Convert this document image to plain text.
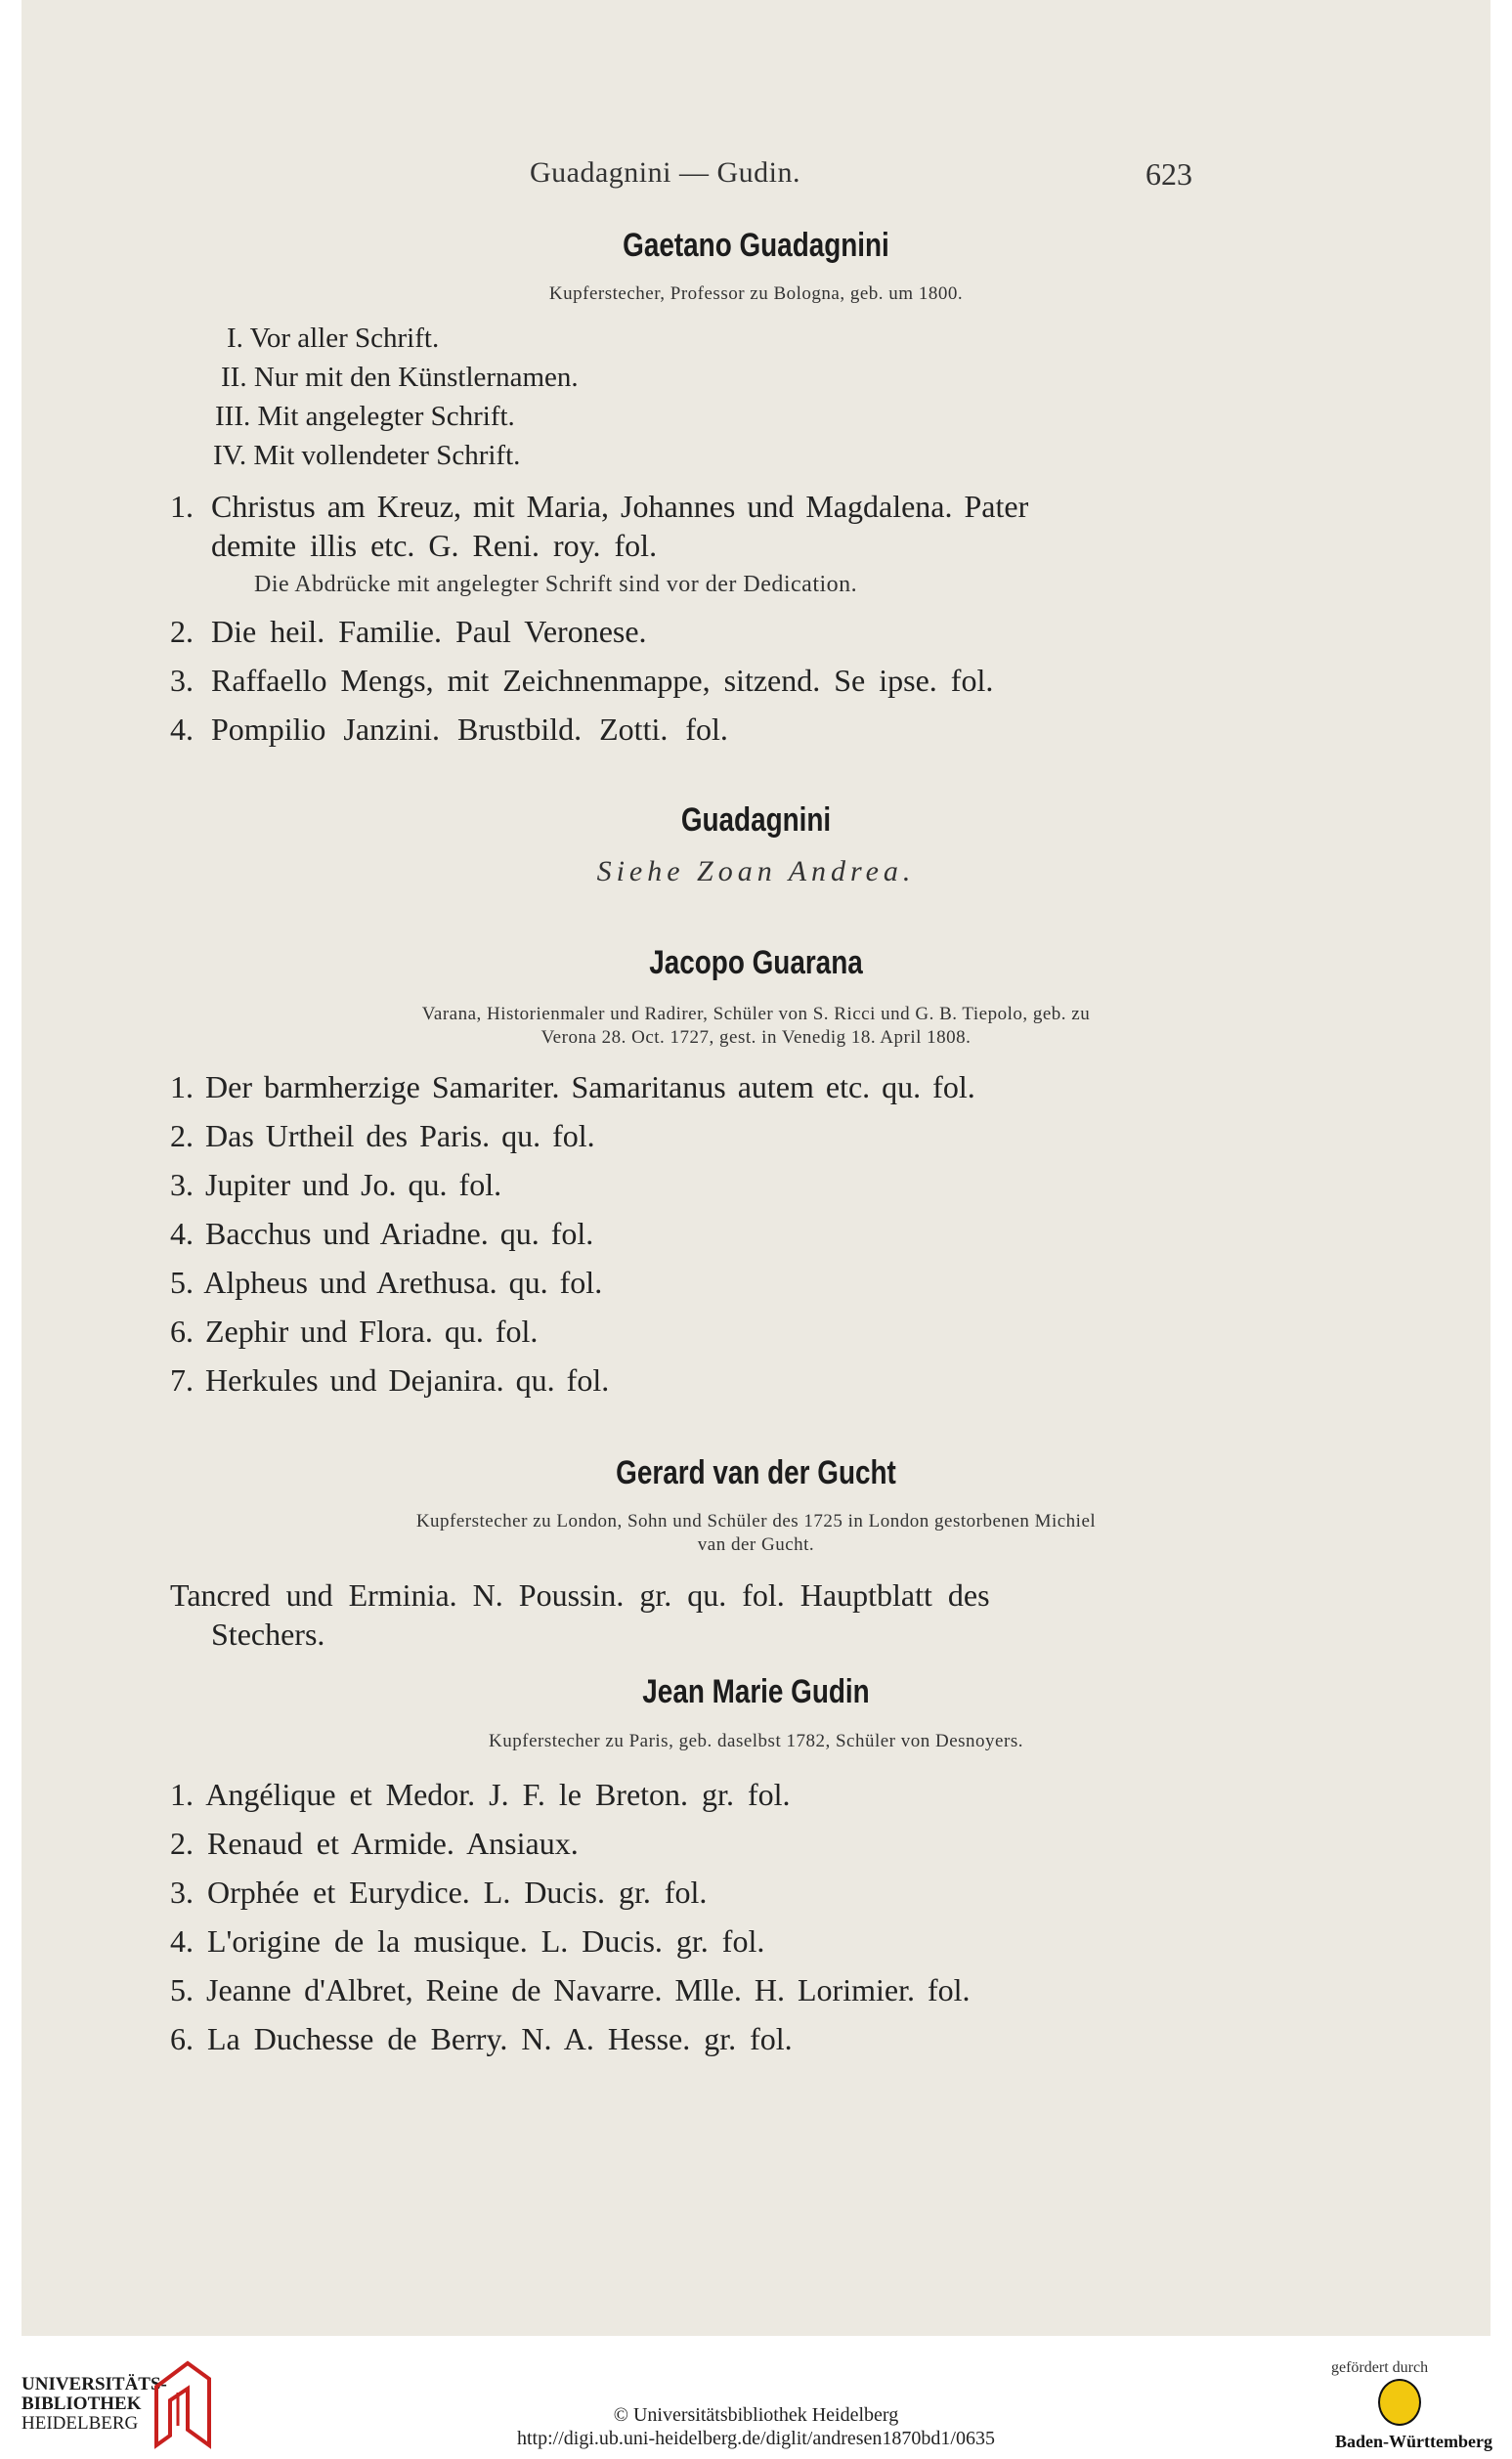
Guadagnini — Gudin.	623
Gaetano Guadagnini
Kupferstecher, Professor zu Bologna, geb. um 1800.
I. Vor aller Schrift.
II. Nur mit den Künstlernamen.
III. Mit angelegter Schrift.
IV. Mit vollendeter Schrift.
1. Christus am Kreuz, mit Maria, Johannes und Magdalena. Pater
demite illis etc. G. Reni. roy. fol.
Die Abdrücke mit angelegter Schrift sind vor der Dedication.
2. Die heil. Familie. Paul Veronese.
3. Raffaello Mengs, mit Zeichnenmappe, sitzend. Se ipse. fol.
4. Pompilio Janzini. Brustbild. Zotti. fol.
Guadagnini
Siehe Zoan Andrea.
Jacopo Guarana
Varana, Historienmaler und Radirer, Schüler von S. Ricci und G. B. Tiepolo, geb. zu
Verona 28. Oct. 1727, gest. in Venedig 18. April 1808.
1. Der barmherzige Samariter. Samaritanus autem etc. qu. fol.
2. Das Urtheil des Paris. qu. fol.
3. Jupiter und Jo. qu. fol.
4. Bacchus und Ariadne. qu. fol.
5. Alpheus und Arethusa. qu. fol.
6. Zephir und Flora. qu. fol.
7. Herkules und Dejanira. qu. fol.
Gerard van der Gucht
Kupferstecher zu London, Sohn und Schüler des 1725 in London gestorbenen Michiel
van der Gucht.
Tancred und Erminia. N. Poussin. gr. qu. fol. Hauptblatt des
Stechers.
Jean Marie Gudin
Kupferstecher zu Paris, geb. daselbst 1782, Schüler von Desnoyers.
1. Angélique et Medor. J. F. le Breton. gr. fol.
2. Renaud et Armide. Ansiaux.
3. Orphée et Eurydice. L. Ducis. gr. fol.
4. L'origine de la musique. L. Ducis. gr. fol.
5. Jeanne d'Albret, Reine de Navarre. Mlle. H. Lorimier. fol.
6. La Duchesse de Berry. N. A. Hesse. gr. fol.
UNIVERSITÄTS-
BIBLIOTHEK
HEIDELBERG	© Universitätsbibliothek Heidelberg
http://digi.ub.uni-heidelberg.de/diglit/andresen1870bd1/0635
gefördert durch
Baden-Württemberg
